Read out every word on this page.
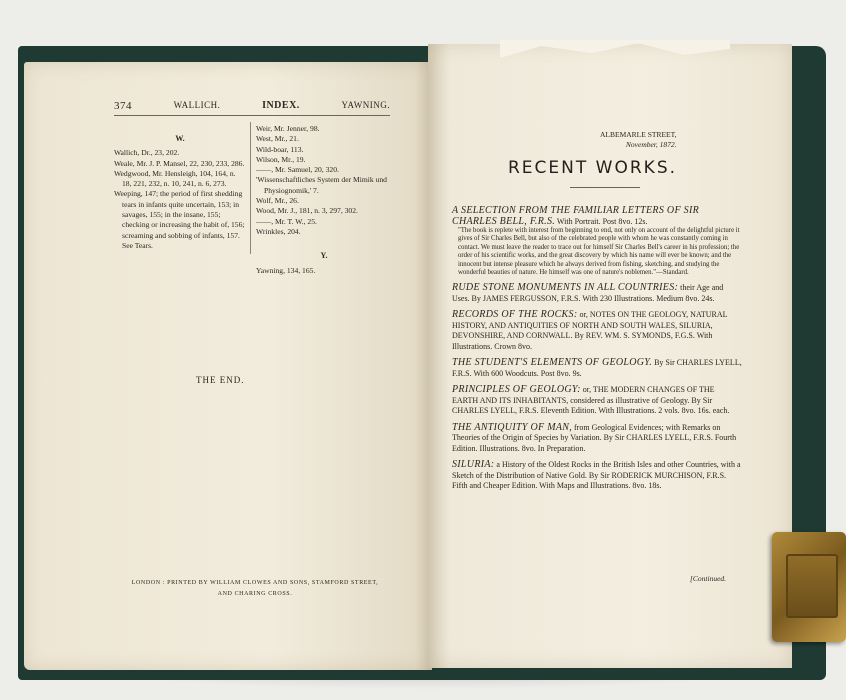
374	WALLICH.	INDEX.	YAWNING.
W.
Wallich, Dr., 23, 202.
Weale, Mr. J. P. Mansel, 22, 230, 233, 286.
Wedgwood, Mr. Hensleigh, 104, 164, n. 18, 221, 232, n. 10, 241, n. 6, 273.
Weeping, 147; the period of first shedding tears in infants quite uncertain, 153; in savages, 155; in the insane, 155; checking or increasing the habit of, 156; screaming and sobbing of infants, 157. See Tears.
Weir, Mr. Jenner, 98.
West, Mr., 21.
Wild-boar, 113.
Wilson, Mr., 19.
——, Mr. Samuel, 20, 320.
'Wissenschaftliches System der Mimik und Physiognomik,' 7.
Wolf, Mr., 26.
Wood, Mr. J., 181, n. 3, 297, 302.
——, Mr. T. W., 25.
Wrinkles, 204.
Y.
Yawning, 134, 165.
THE END.
LONDON : PRINTED BY WILLIAM CLOWES AND SONS, STAMFORD STREET,
AND CHARING CROSS.
ALBEMARLE STREET,
November, 1872.
RECENT WORKS.
A SELECTION FROM THE FAMILIAR LETTERS OF SIR CHARLES BELL, F.R.S. With Portrait. Post 8vo. 12s.
"The book is replete with interest from beginning to end, not only on account of the delightful picture it gives of Sir Charles Bell, but also of the celebrated people with whom he was constantly coming in contact. We must leave the reader to trace out for himself Sir Charles Bell's career in his profession; the order of his scientific works, and the great discovery by which his name will ever be known; and the innocent but intense pleasure which he always derived from fishing, sketching, and studying the wonderful beauties of nature. He himself was one of nature's noblemen."—Standard.
RUDE STONE MONUMENTS IN ALL COUNTRIES: their Age and Uses. By JAMES FERGUSSON, F.R.S. With 230 Illustrations. Medium 8vo. 24s.
RECORDS OF THE ROCKS: or, NOTES ON THE GEOLOGY, NATURAL HISTORY, AND ANTIQUITIES OF NORTH AND SOUTH WALES, SILURIA, DEVONSHIRE, AND CORNWALL. By REV. WM. S. SYMONDS, F.G.S. With Illustrations. Crown 8vo.
THE STUDENT'S ELEMENTS OF GEOLOGY. By Sir CHARLES LYELL, F.R.S. With 600 Woodcuts. Post 8vo. 9s.
PRINCIPLES OF GEOLOGY: or, THE MODERN CHANGES OF THE EARTH AND ITS INHABITANTS, considered as illustrative of Geology. By Sir CHARLES LYELL, F.R.S. Eleventh Edition. With Illustrations. 2 vols. 8vo. 16s. each.
THE ANTIQUITY OF MAN, from Geological Evidences; with Remarks on Theories of the Origin of Species by Variation. By Sir CHARLES LYELL, F.R.S. Fourth Edition. Illustrations. 8vo. In Preparation.
SILURIA: a History of the Oldest Rocks in the British Isles and other Countries, with a Sketch of the Distribution of Native Gold. By Sir RODERICK MURCHISON, F.R.S. Fifth and Cheaper Edition. With Maps and Illustrations. 8vo. 18s.
[Continued.
